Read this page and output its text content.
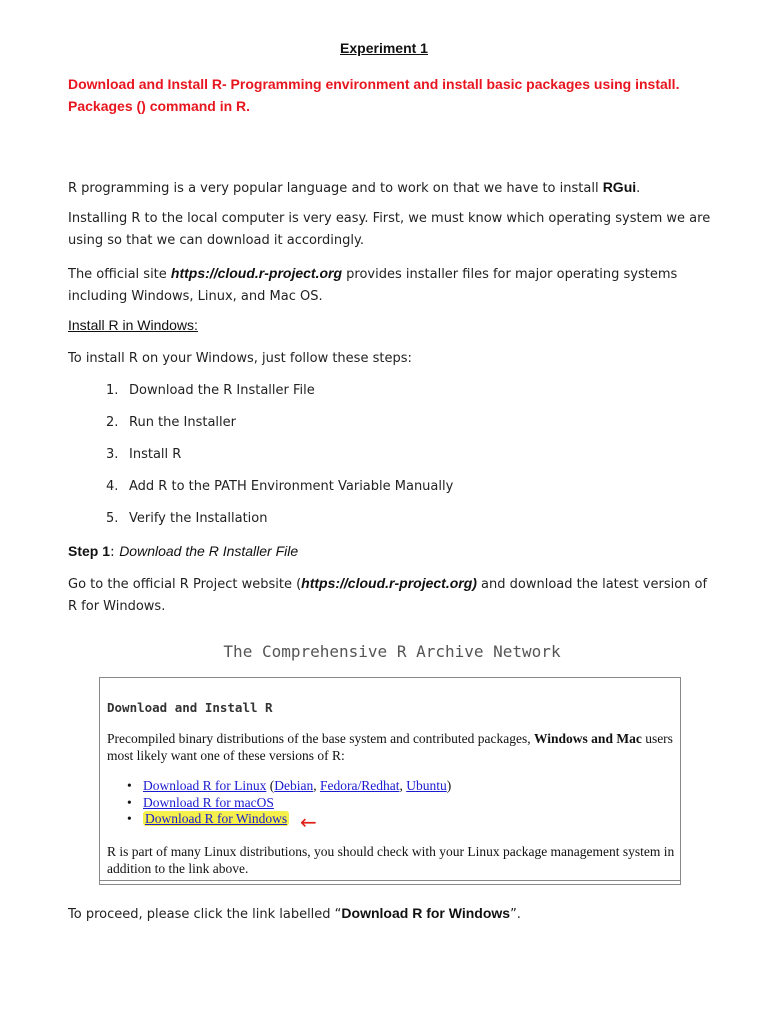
Experiment 1
Download and Install R- Programming environment and install basic packages using install. Packages () command in R.
R programming is a very popular language and to work on that we have to install RGui.
Installing R to the local computer is very easy. First, we must know which operating system we are using so that we can download it accordingly.
The official site https://cloud.r-project.org provides installer files for major operating systems including Windows, Linux, and Mac OS.
Install R in Windows:
To install R on your Windows, just follow these steps:
1. Download the R Installer File
2. Run the Installer
3. Install R
4. Add R to the PATH Environment Variable Manually
5. Verify the Installation
Step 1: Download the R Installer File
Go to the official R Project website (https://cloud.r-project.org) and download the latest version of R for Windows.
The Comprehensive R Archive Network
Download and Install R
Precompiled binary distributions of the base system and contributed packages, Windows and Mac users most likely want one of these versions of R:
• Download R for Linux (Debian, Fedora/Redhat, Ubuntu)
• Download R for macOS
• Download R for Windows ←
R is part of many Linux distributions, you should check with your Linux package management system in addition to the link above.
To proceed, please click the link labelled “Download R for Windows”.
